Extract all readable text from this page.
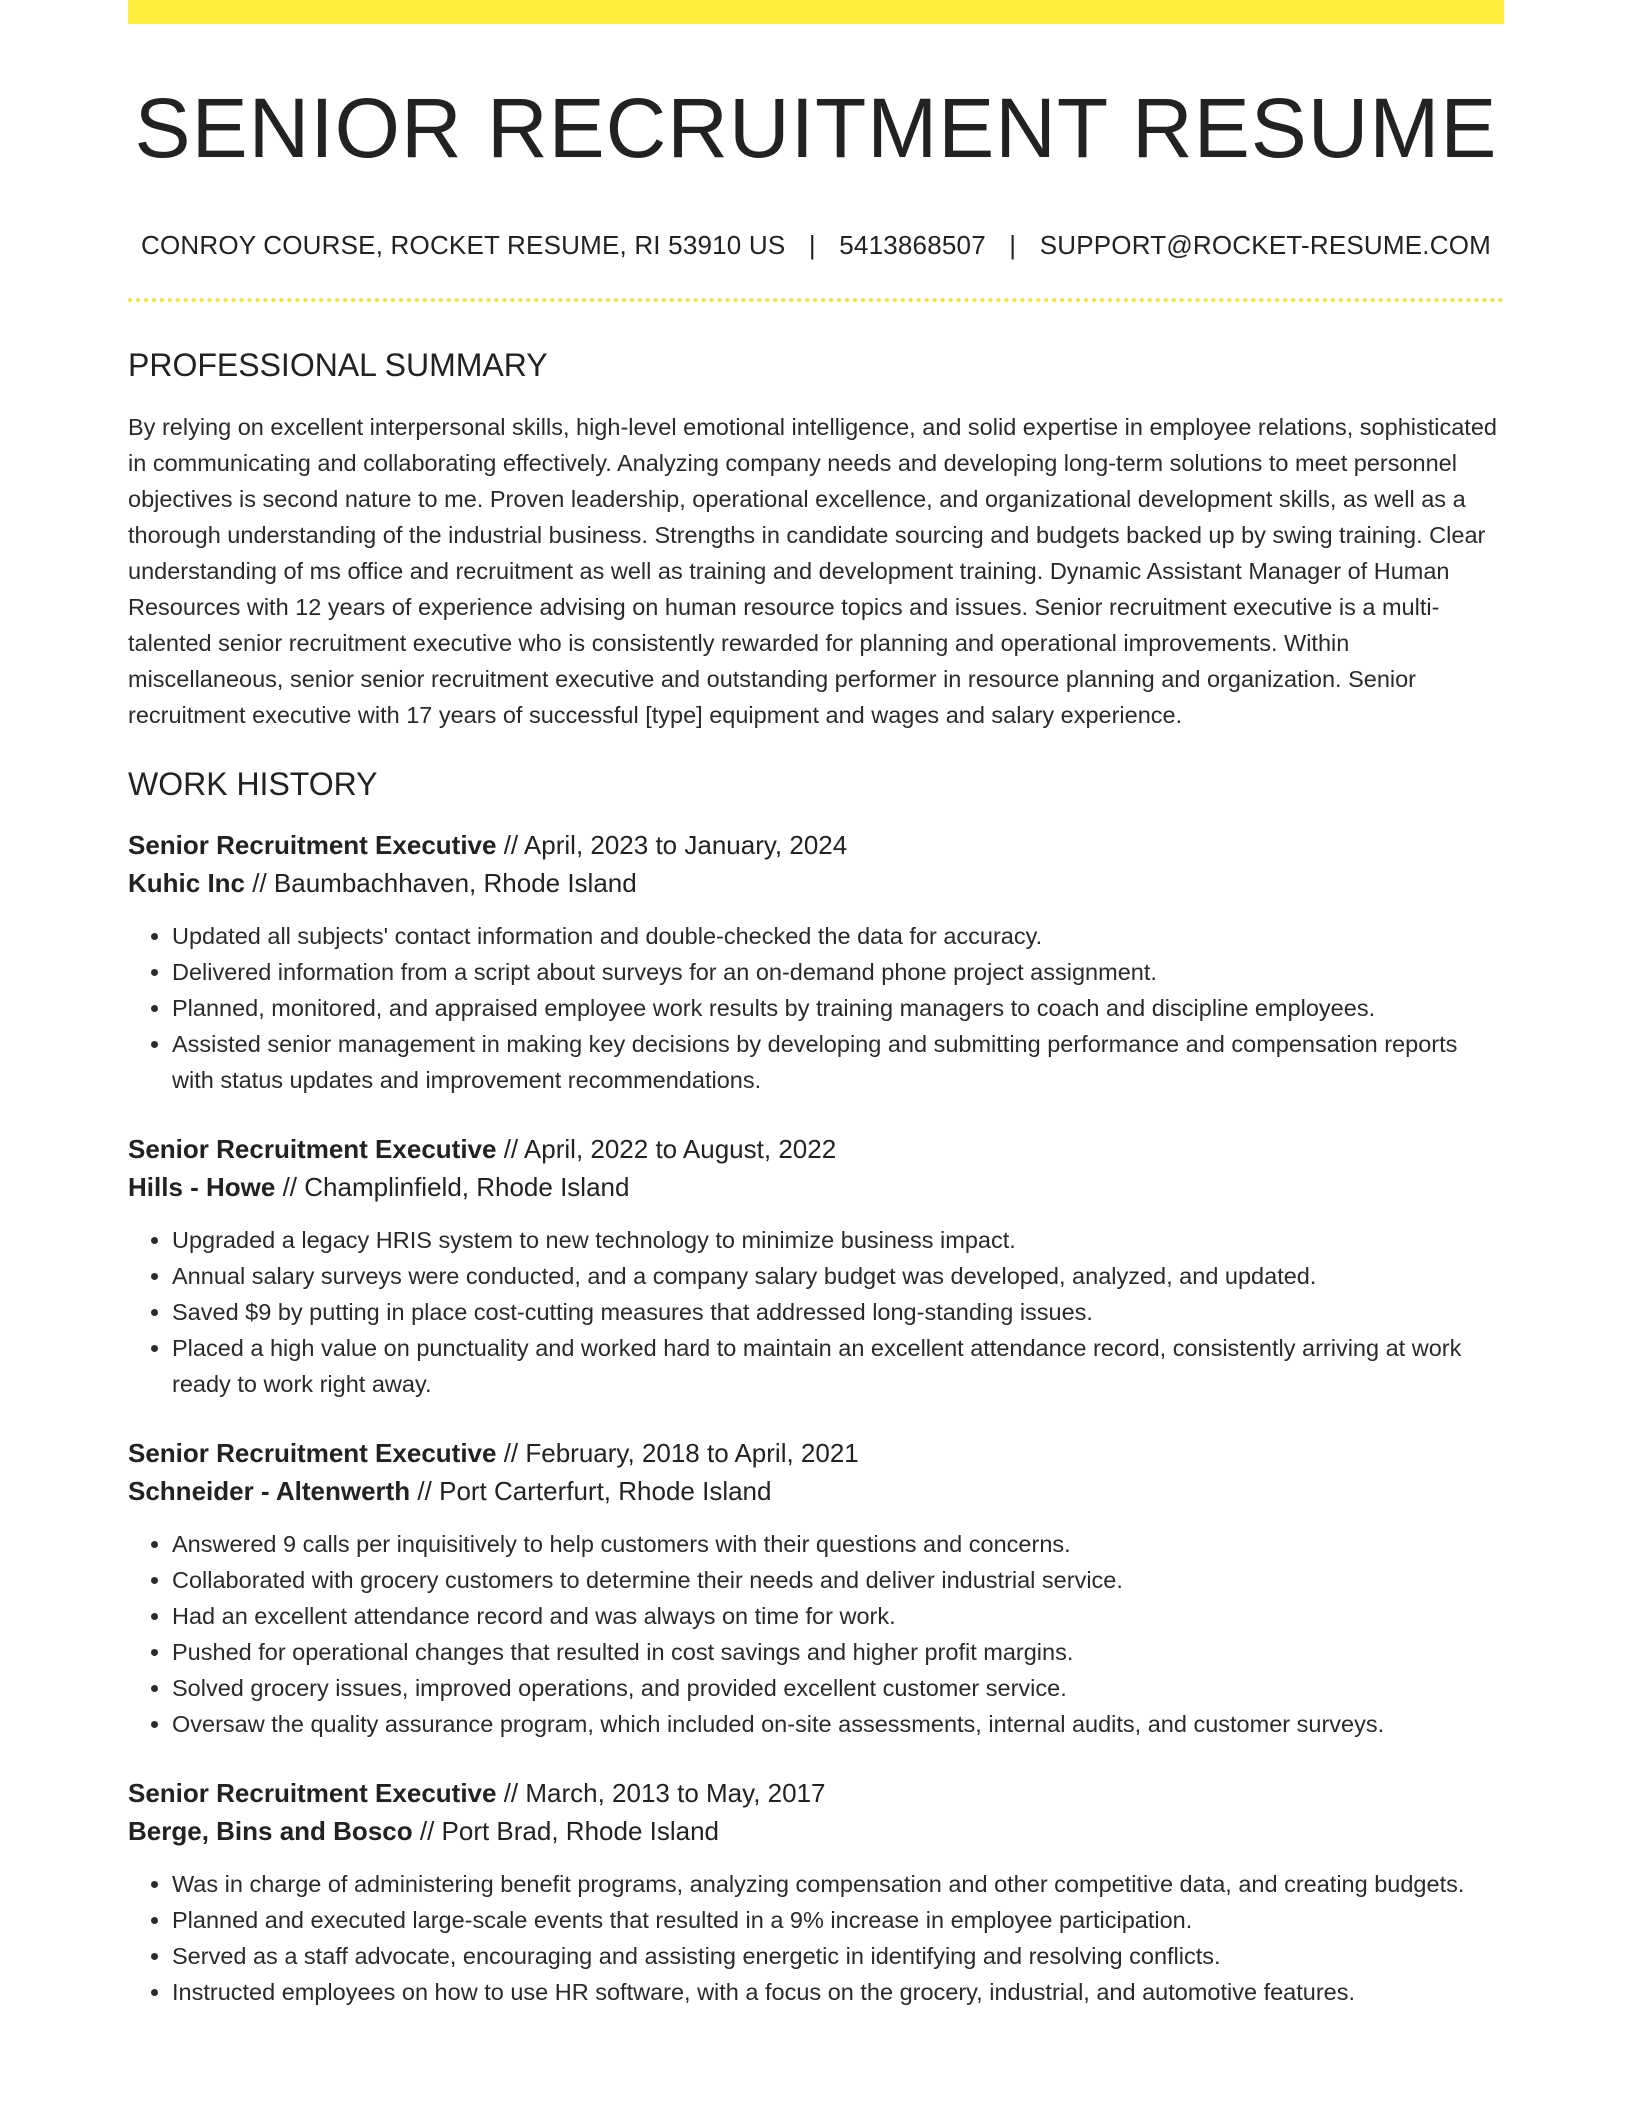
SENIOR RECRUITMENT RESUME
CONROY COURSE, ROCKET RESUME, RI 53910 US | 5413868507 | SUPPORT@ROCKET-RESUME.COM
PROFESSIONAL SUMMARY

By relying on excellent interpersonal skills, high-level emotional intelligence, and solid expertise in employee relations, sophisticated in communicating and collaborating effectively. Analyzing company needs and developing long-term solutions to meet personnel objectives is second nature to me. Proven leadership, operational excellence, and organizational development skills, as well as a thorough understanding of the industrial business. Strengths in candidate sourcing and budgets backed up by swing training. Clear understanding of ms office and recruitment as well as training and development training. Dynamic Assistant Manager of Human Resources with 12 years of experience advising on human resource topics and issues. Senior recruitment executive is a multi-talented senior recruitment executive who is consistently rewarded for planning and operational improvements. Within miscellaneous, senior senior recruitment executive and outstanding performer in resource planning and organization. Senior recruitment executive with 17 years of successful [type] equipment and wages and salary experience.

WORK HISTORY
Senior Recruitment Executive // April, 2023 to January, 2024
Kuhic Inc // Baumbachhaven, Rhode Island
• Updated all subjects' contact information and double-checked the data for accuracy.
• Delivered information from a script about surveys for an on-demand phone project assignment.
• Planned, monitored, and appraised employee work results by training managers to coach and discipline employees.
• Assisted senior management in making key decisions by developing and submitting performance and compensation reports with status updates and improvement recommendations.
Senior Recruitment Executive // April, 2022 to August, 2022
Hills - Howe // Champlinfield, Rhode Island
• Upgraded a legacy HRIS system to new technology to minimize business impact.
• Annual salary surveys were conducted, and a company salary budget was developed, analyzed, and updated.
• Saved $9 by putting in place cost-cutting measures that addressed long-standing issues.
• Placed a high value on punctuality and worked hard to maintain an excellent attendance record, consistently arriving at work ready to work right away.
Senior Recruitment Executive // February, 2018 to April, 2021
Schneider - Altenwerth // Port Carterfurt, Rhode Island
• Answered 9 calls per inquisitively to help customers with their questions and concerns.
• Collaborated with grocery customers to determine their needs and deliver industrial service.
• Had an excellent attendance record and was always on time for work.
• Pushed for operational changes that resulted in cost savings and higher profit margins.
• Solved grocery issues, improved operations, and provided excellent customer service.
• Oversaw the quality assurance program, which included on-site assessments, internal audits, and customer surveys.
Senior Recruitment Executive // March, 2013 to May, 2017
Berge, Bins and Bosco // Port Brad, Rhode Island
• Was in charge of administering benefit programs, analyzing compensation and other competitive data, and creating budgets.
• Planned and executed large-scale events that resulted in a 9% increase in employee participation.
• Served as a staff advocate, encouraging and assisting energetic in identifying and resolving conflicts.
• Instructed employees on how to use HR software, with a focus on the grocery, industrial, and automotive features.
